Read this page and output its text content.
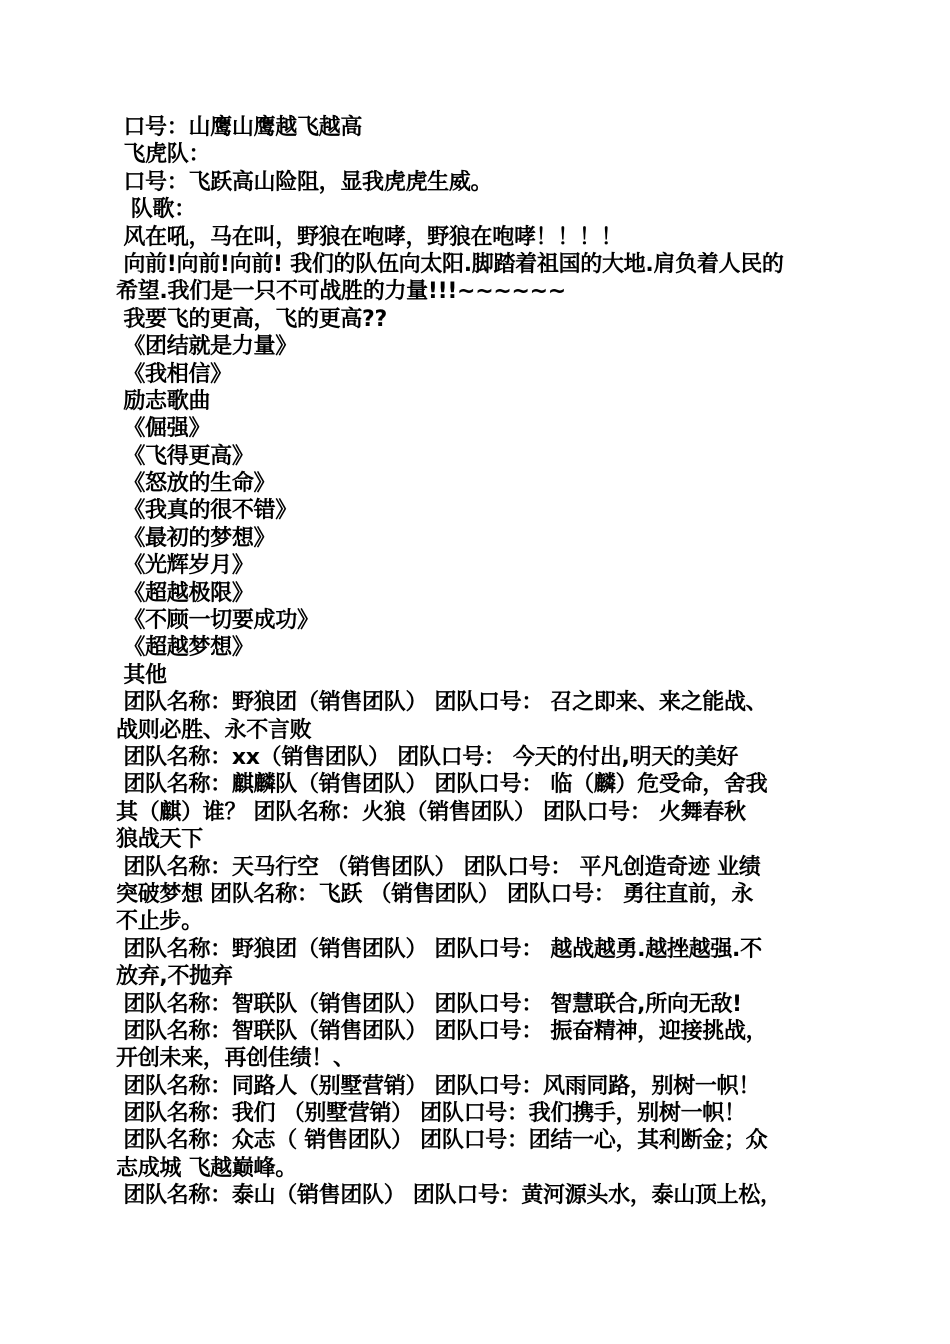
口号：山鹰山鹰越飞越高

飞虎队：

口号：飞跃高山险阻，显我虎虎生威。

队歌：

风在吼，马在叫，野狼在咆哮，野狼在咆哮！！！！

向前!向前!向前! 我们的队伍向太阳.脚踏着祖国的大地.肩负着人民的

希望.我们是一只不可战胜的力量!!!~~~~~~

我要飞的更高，飞的更高??

《团结就是力量》

《我相信》

励志歌曲

《倔强》

《飞得更高》

《怒放的生命》

《我真的很不错》

《最初的梦想》

《光辉岁月》

《超越极限》

《不顾一切要成功》

《超越梦想》

其他

团队名称：野狼团（销售团队） 团队口号： 召之即来、来之能战、

战则必胜、永不言败

团队名称：xx（销售团队） 团队口号： 今天的付出,明天的美好

团队名称：麒麟队（销售团队） 团队口号： 临（麟）危受命，舍我

其（麒）谁？ 团队名称：火狼（销售团队） 团队口号： 火舞春秋

狼战天下

团队名称：天马行空 （销售团队） 团队口号： 平凡创造奇迹 业绩

突破梦想 团队名称：飞跃 （销售团队） 团队口号： 勇往直前，永

不止步。

团队名称：野狼团（销售团队） 团队口号： 越战越勇.越挫越强.不

放弃,不抛弃

团队名称：智联队（销售团队） 团队口号： 智慧联合,所向无敌!

团队名称：智联队（销售团队） 团队口号： 振奋精神，迎接挑战，

开创未来，再创佳绩！、

团队名称：同路人（别墅营销） 团队口号：风雨同路，别树一帜！

团队名称：我们 （别墅营销） 团队口号：我们携手，别树一帜！

团队名称：众志（ 销售团队） 团队口号：团结一心，其利断金；众

志成城 飞越巅峰。

团队名称：泰山（销售团队） 团队口号：黄河源头水，泰山顶上松，
